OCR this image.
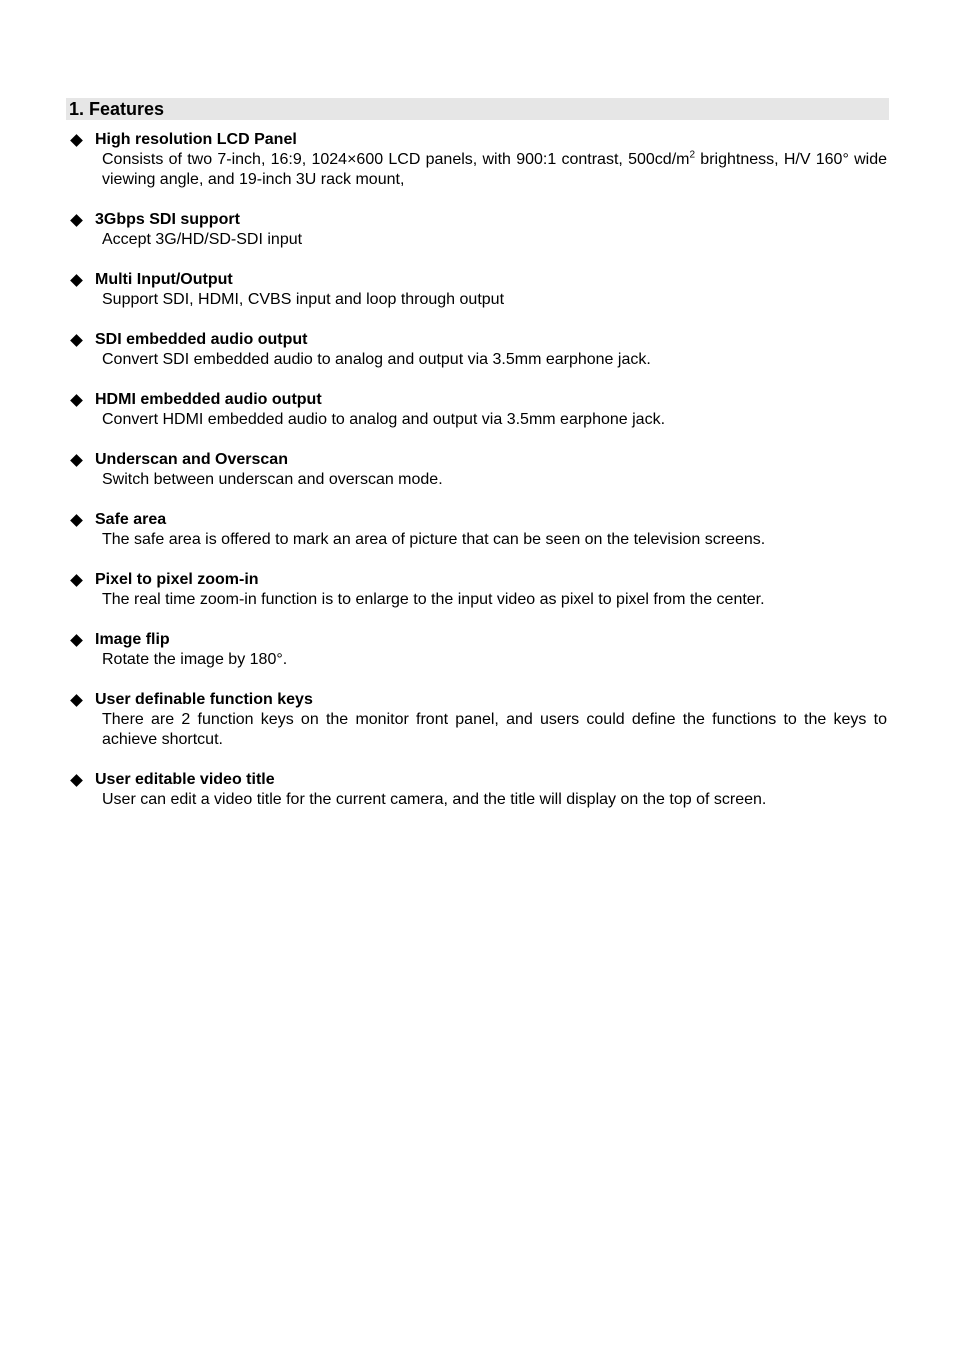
1. Features
High resolution LCD Panel
Consists of two 7-inch, 16:9, 1024×600 LCD panels, with 900:1 contrast, $500cd/m^2$ brightness, H/V 160° wide viewing angle, and 19-inch 3U rack mount,
3Gbps SDI support
Accept 3G/HD/SD-SDI input
Multi Input/Output
Support SDI, HDMI, CVBS input and loop through output
SDI embedded audio output
Convert SDI embedded audio to analog and output via 3.5mm earphone jack.
HDMI embedded audio output
Convert HDMI embedded audio to analog and output via 3.5mm earphone jack.
Underscan and Overscan
Switch between underscan and overscan mode.
Safe area
The safe area is offered to mark an area of picture that can be seen on the television screens.
Pixel to pixel zoom-in
The real time zoom-in function is to enlarge to the input video as pixel to pixel from the center.
Image flip
Rotate the image by 180°.
User definable function keys
There are 2 function keys on the monitor front panel, and users could define the functions to the keys to achieve shortcut.
User editable video title
User can edit a video title for the current camera, and the title will display on the top of screen.
